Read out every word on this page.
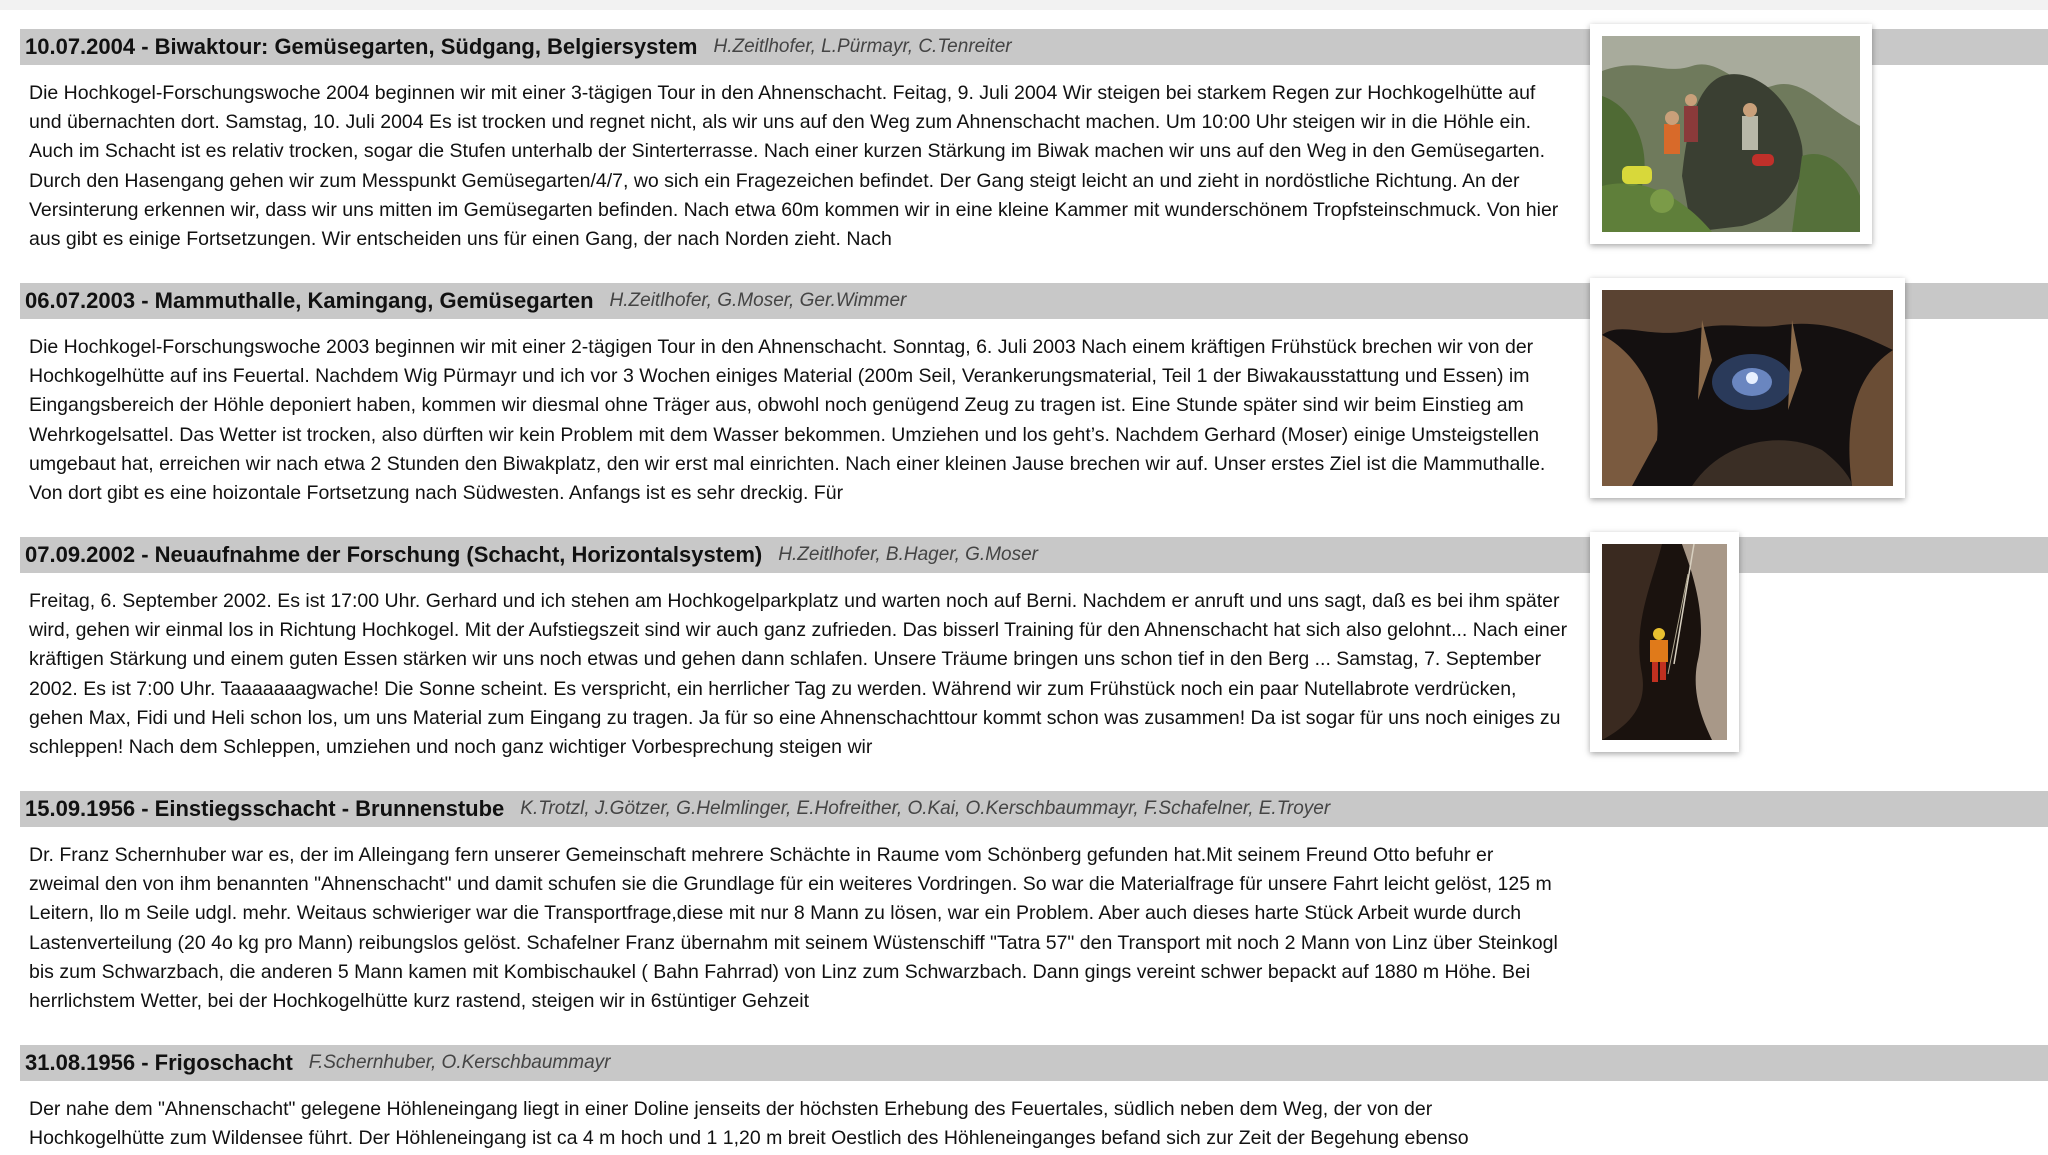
10.07.2004 - Biwaktour: Gemüsegarten, Südgang, Belgiersystem H.Zeitlhofer, L.Pürmayr, C.Tenreiter
Die Hochkogel-Forschungswoche 2004 beginnen wir mit einer 3-tägigen Tour in den Ahnenschacht. Feitag, 9. Juli 2004 Wir steigen bei starkem Regen zur Hochkogelhütte auf und übernachten dort. Samstag, 10. Juli 2004 Es ist trocken und regnet nicht, als wir uns auf den Weg zum Ahnenschacht machen. Um 10:00 Uhr steigen wir in die Höhle ein. Auch im Schacht ist es relativ trocken, sogar die Stufen unterhalb der Sinterterrasse. Nach einer kurzen Stärkung im Biwak machen wir uns auf den Weg in den Gemüsegarten. Durch den Hasengang gehen wir zum Messpunkt Gemüsegarten/4/7, wo sich ein Fragezeichen befindet. Der Gang steigt leicht an und zieht in nordöstliche Richtung. An der Versinterung erkennen wir, dass wir uns mitten im Gemüsegarten befinden. Nach etwa 60m kommen wir in eine kleine Kammer mit wunderschönem Tropfsteinschmuck. Von hier aus gibt es einige Fortsetzungen. Wir entscheiden uns für einen Gang, der nach Norden zieht. Nach
06.07.2003 - Mammuthalle, Kamingang, Gemüsegarten H.Zeitlhofer, G.Moser, Ger.Wimmer
Die Hochkogel-Forschungswoche 2003 beginnen wir mit einer 2-tägigen Tour in den Ahnenschacht. Sonntag, 6. Juli 2003 Nach einem kräftigen Frühstück brechen wir von der Hochkogelhütte auf ins Feuertal. Nachdem Wig Pürmayr und ich vor 3 Wochen einiges Material (200m Seil, Verankerungsmaterial, Teil 1 der Biwakausstattung und Essen) im Eingangsbereich der Höhle deponiert haben, kommen wir diesmal ohne Träger aus, obwohl noch genügend Zeug zu tragen ist. Eine Stunde später sind wir beim Einstieg am Wehrkogelsattel. Das Wetter ist trocken, also dürften wir kein Problem mit dem Wasser bekommen. Umziehen und los geht’s. Nachdem Gerhard (Moser) einige Umsteigstellen umgebaut hat, erreichen wir nach etwa 2 Stunden den Biwakplatz, den wir erst mal einrichten. Nach einer kleinen Jause brechen wir auf. Unser erstes Ziel ist die Mammuthalle. Von dort gibt es eine hoizontale Fortsetzung nach Südwesten. Anfangs ist es sehr dreckig. Für
07.09.2002 - Neuaufnahme der Forschung (Schacht, Horizontalsystem) H.Zeitlhofer, B.Hager, G.Moser
Freitag, 6. September 2002. Es ist 17:00 Uhr. Gerhard und ich stehen am Hochkogelparkplatz und warten noch auf Berni. Nachdem er anruft und uns sagt, daß es bei ihm später wird, gehen wir einmal los in Richtung Hochkogel. Mit der Aufstiegszeit sind wir auch ganz zufrieden. Das bisserl Training für den Ahnenschacht hat sich also gelohnt... Nach einer kräftigen Stärkung und einem guten Essen stärken wir uns noch etwas und gehen dann schlafen. Unsere Träume bringen uns schon tief in den Berg ... Samstag, 7. September 2002. Es ist 7:00 Uhr. Taaaaaaagwache! Die Sonne scheint. Es verspricht, ein herrlicher Tag zu werden. Während wir zum Frühstück noch ein paar Nutellabrote verdrücken, gehen Max, Fidi und Heli schon los, um uns Material zum Eingang zu tragen. Ja für so eine Ahnenschachttour kommt schon was zusammen! Da ist sogar für uns noch einiges zu schleppen! Nach dem Schleppen, umziehen und noch ganz wichtiger Vorbesprechung steigen wir
15.09.1956 - Einstiegsschacht - Brunnenstube K.Trotzl, J.Götzer, G.Helmlinger, E.Hofreither, O.Kai, O.Kerschbaummayr, F.Schafelner, E.Troyer
Dr. Franz Schernhuber war es, der im Alleingang fern unserer Gemeinschaft mehrere Schächte in Raume vom Schönberg gefunden hat.Mit seinem Freund Otto befuhr er zweimal den von ihm benannten "Ahnenschacht" und damit schufen sie die Grundlage für ein weiteres Vordringen. So war die Materialfrage für unsere Fahrt leicht gelöst, 125 m Leitern, llo m Seile udgl. mehr. Weitaus schwieriger war die Transportfrage,diese mit nur 8 Mann zu lösen, war ein Problem. Aber auch dieses harte Stück Arbeit wurde durch Lastenverteilung (20 4o kg pro Mann) reibungslos gelöst. Schafelner Franz übernahm mit seinem Wüstenschiff "Tatra 57" den Transport mit noch 2 Mann von Linz über Steinkogl bis zum Schwarzbach, die anderen 5 Mann kamen mit Kombischaukel ( Bahn Fahrrad) von Linz zum Schwarzbach. Dann gings vereint schwer bepackt auf 1880 m Höhe. Bei herrlichstem Wetter, bei der Hochkogelhütte kurz rastend, steigen wir in 6stüntiger Gehzeit
31.08.1956 - Frigoschacht F.Schernhuber, O.Kerschbaummayr
Der nahe dem "Ahnenschacht" gelegene Höhleneingang liegt in einer Doline jenseits der höchsten Erhebung des Feuertales, südlich neben dem Weg, der von der Hochkogelhütte zum Wildensee führt. Der Höhleneingang ist ca 4 m hoch und 1 1,20 m breit Oestlich des Höhleneinganges befand sich zur Zeit der Begehung ebenso
